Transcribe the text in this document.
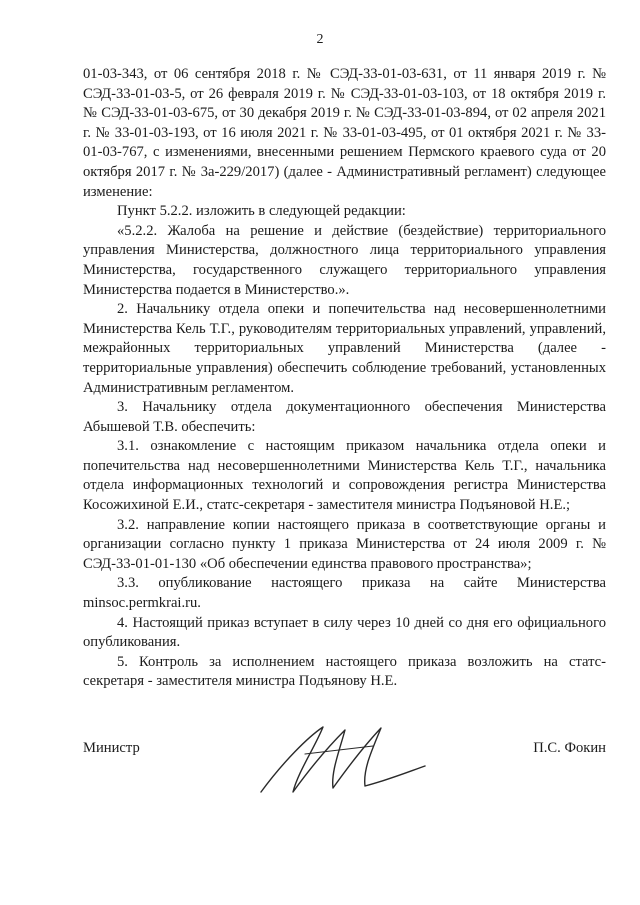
2

01-03-343, от 06 сентября 2018 г. № СЭД-33-01-03-631, от 11 января 2019 г. № СЭД-33-01-03-5, от 26 февраля 2019 г. № СЭД-33-01-03-103, от 18 октября 2019 г. № СЭД-33-01-03-675, от 30 декабря 2019 г. № СЭД-33-01-03-894, от 02 апреля 2021 г. № 33-01-03-193, от 16 июля 2021 г. № 33-01-03-495, от 01 октября 2021 г. № 33-01-03-767, с изменениями, внесенными решением Пермского краевого суда от 20 октября 2017 г. № 3а-229/2017) (далее - Административный регламент) следующее изменение:

Пункт 5.2.2. изложить в следующей редакции:

«5.2.2. Жалоба на решение и действие (бездействие) территориального управления Министерства, должностного лица территориального управления Министерства, государственного служащего территориального управления Министерства подается в Министерство.».

2. Начальнику отдела опеки и попечительства над несовершеннолетними Министерства Кель Т.Г., руководителям территориальных управлений, управлений, межрайонных территориальных управлений Министерства (далее - территориальные управления) обеспечить соблюдение требований, установленных Административным регламентом.

3. Начальнику отдела документационного обеспечения Министерства Абышевой Т.В. обеспечить:

3.1. ознакомление с настоящим приказом начальника отдела опеки и попечительства над несовершеннолетними Министерства Кель Т.Г., начальника отдела информационных технологий и сопровождения регистра Министерства Косожихиной Е.И., статс-секретаря - заместителя министра Подъяновой Н.Е.;

3.2. направление копии настоящего приказа в соответствующие органы и организации согласно пункту 1 приказа Министерства от 24 июля 2009 г. № СЭД-33-01-01-130 «Об обеспечении единства правового пространства»;

3.3. опубликование настоящего приказа на сайте Министерства minsoc.permkrai.ru.

4. Настоящий приказ вступает в силу через 10 дней со дня его официального опубликования.

5. Контроль за исполнением настоящего приказа возложить на статс-секретаря - заместителя министра Подъянову Н.Е.

Министр	П.С. Фокин
